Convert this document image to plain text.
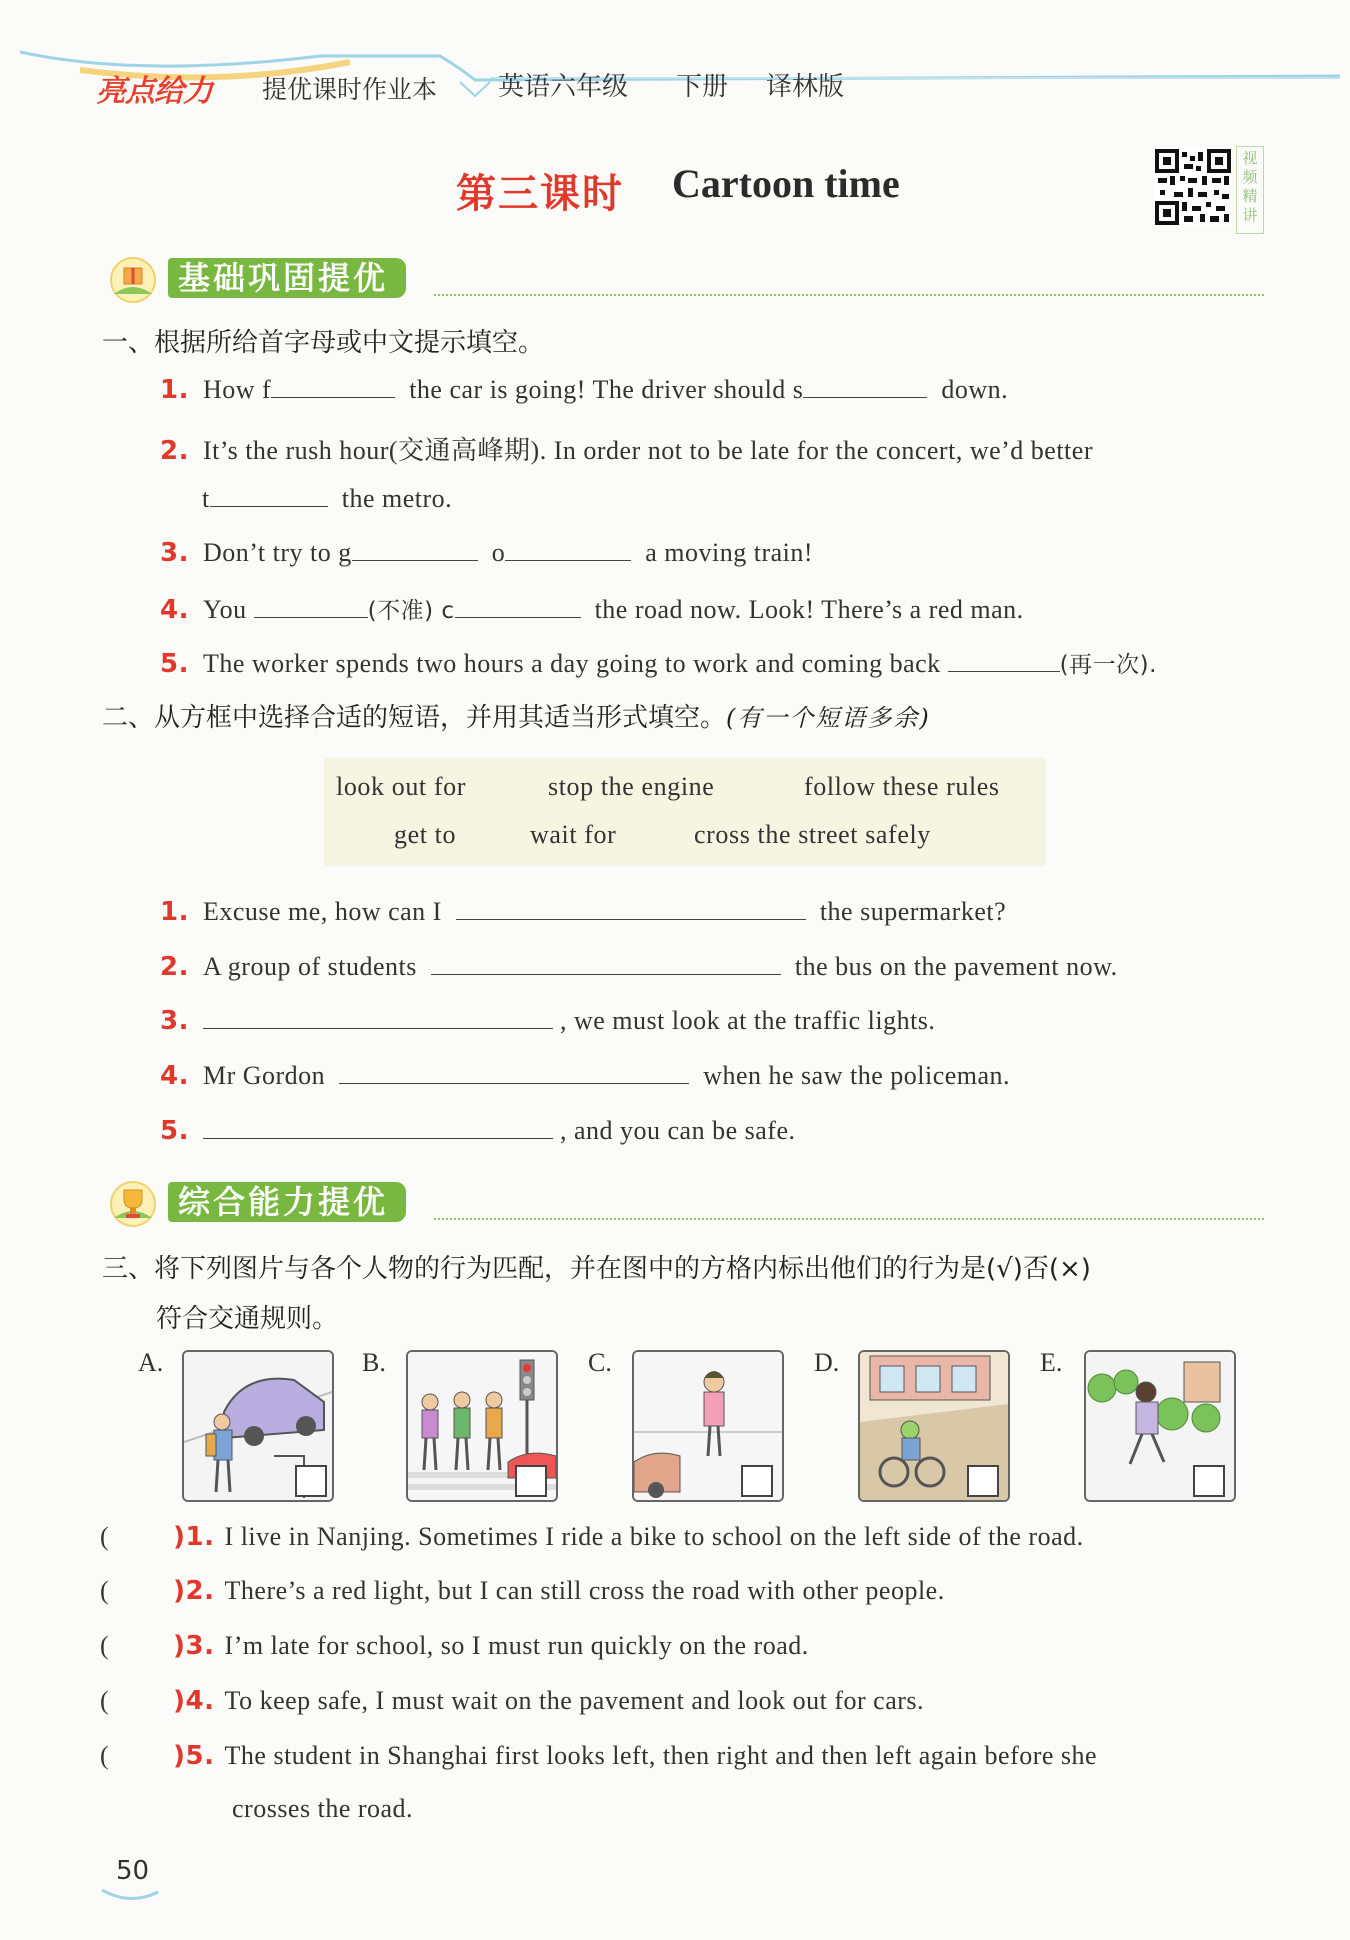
亮点给力 提优课时作业本 英语六年级 下册 译林版
第三课时 Cartoon time
视频精讲
基础巩固提优
一、根据所给首字母或中文提示填空。
1. How f	the car is going! The driver should s	down.
2. It’s the rush hour(交通高峰期). In order not to be late for the concert, we’d better
t	the metro.
3. Don’t try to g	o	a moving train!
4. You	(不准) c	the road now. Look! There’s a red man.
5. The worker spends two hours a day going to work and coming back	(再一次).
二、从方框中选择合适的短语，并用其适当形式填空。(有一个短语多余)
look out for	stop the engine	follow these rules
get to	wait for	cross the street safely
1. Excuse me, how can I	the supermarket?
2. A group of students	the bus on the pavement now.
3.	, we must look at the traffic lights.
4. Mr Gordon	when he saw the policeman.
5.	, and you can be safe.
综合能力提优
三、将下列图片与各个人物的行为匹配，并在图中的方格内标出他们的行为是(√)否(×)
符合交通规则。
A.	B.	C.	D.	E.
( )1. I live in Nanjing. Sometimes I ride a bike to school on the left side of the road.
( )2. There’s a red light, but I can still cross the road with other people.
( )3. I’m late for school, so I must run quickly on the road.
( )4. To keep safe, I must wait on the pavement and look out for cars.
( )5. The student in Shanghai first looks left, then right and then left again before she
crosses the road.
50
